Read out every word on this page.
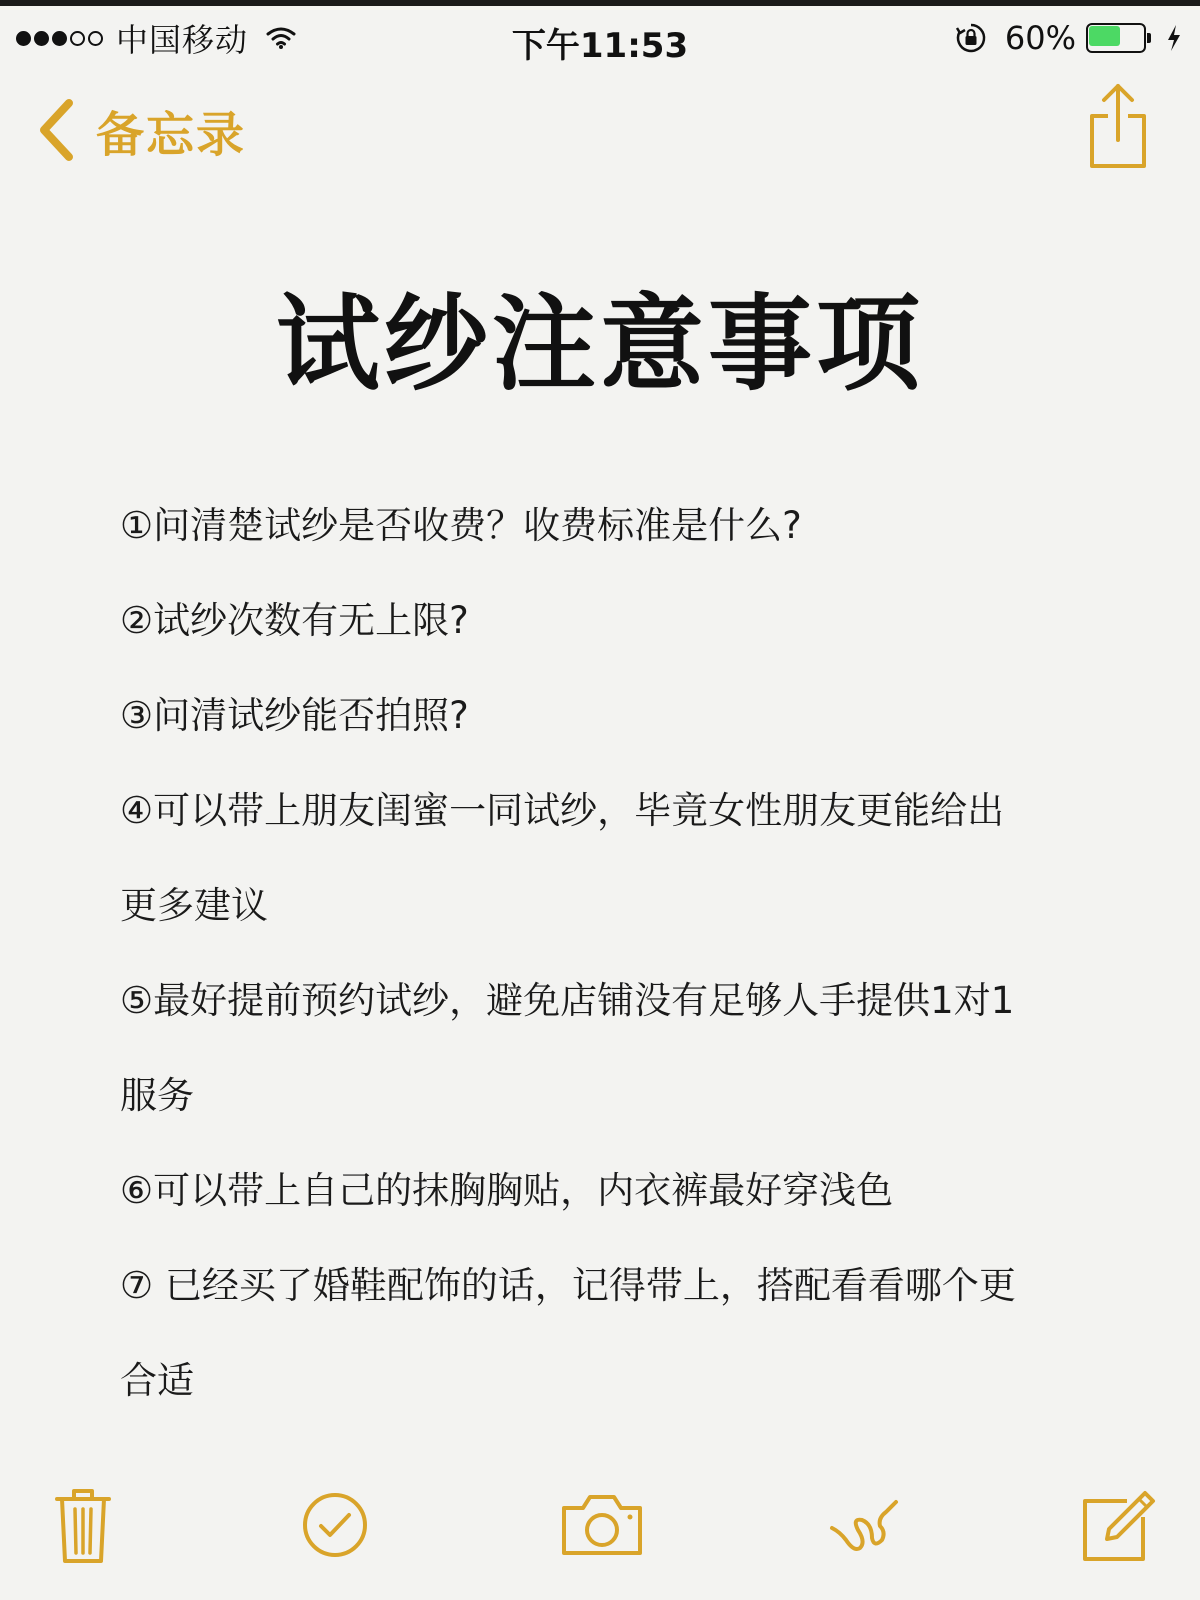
中国移动	下午11:53	60%
备忘录
试纱注意事项
①问清楚试纱是否收费？收费标准是什么?
②试纱次数有无上限?
③问清试纱能否拍照?
④可以带上朋友闺蜜一同试纱，毕竟女性朋友更能给出
更多建议
⑤最好提前预约试纱，避免店铺没有足够人手提供1对1
服务
⑥可以带上自己的抹胸胸贴，内衣裤最好穿浅色
⑦ 已经买了婚鞋配饰的话，记得带上，搭配看看哪个更
合适
